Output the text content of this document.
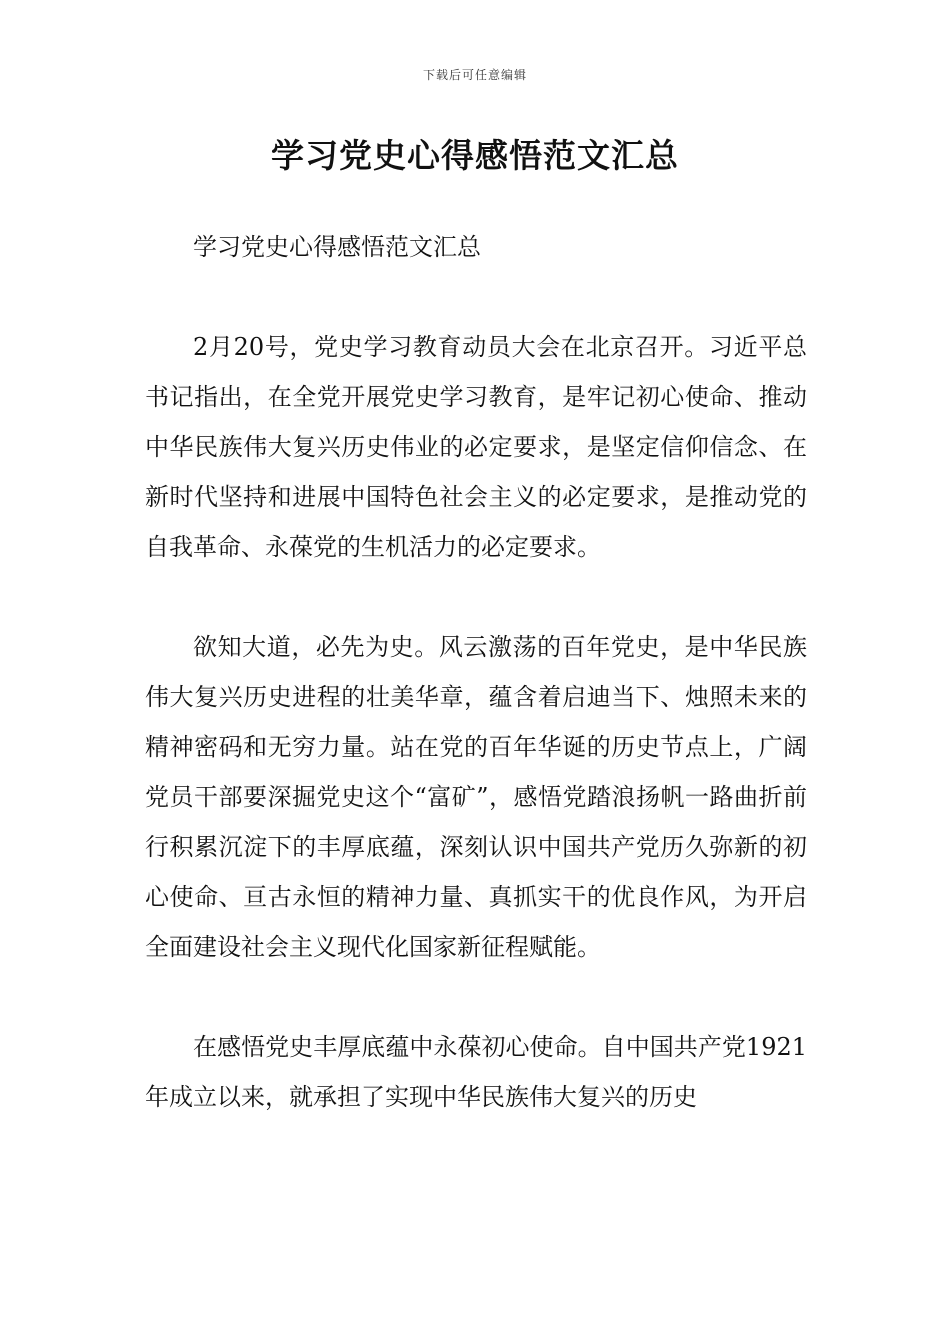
下载后可任意编辑
学习党史心得感悟范文汇总

学习党史心得感悟范文汇总

2月20号，党史学习教育动员大会在北京召开。习近平总书记指出，在全党开展党史学习教育，是牢记初心使命、推动中华民族伟大复兴历史伟业的必定要求，是坚定信仰信念、在新时代坚持和进展中国特色社会主义的必定要求，是推动党的自我革命、永葆党的生机活力的必定要求。

欲知大道，必先为史。风云激荡的百年党史，是中华民族伟大复兴历史进程的壮美华章，蕴含着启迪当下、烛照未来的精神密码和无穷力量。站在党的百年华诞的历史节点上，广阔党员干部要深掘党史这个“富矿”，感悟党踏浪扬帆一路曲折前行积累沉淀下的丰厚底蕴，深刻认识中国共产党历久弥新的初心使命、亘古永恒的精神力量、真抓实干的优良作风，为开启全面建设社会主义现代化国家新征程赋能。

在感悟党史丰厚底蕴中永葆初心使命。自中国共产党1921年成立以来，就承担了实现中华民族伟大复兴的历史
